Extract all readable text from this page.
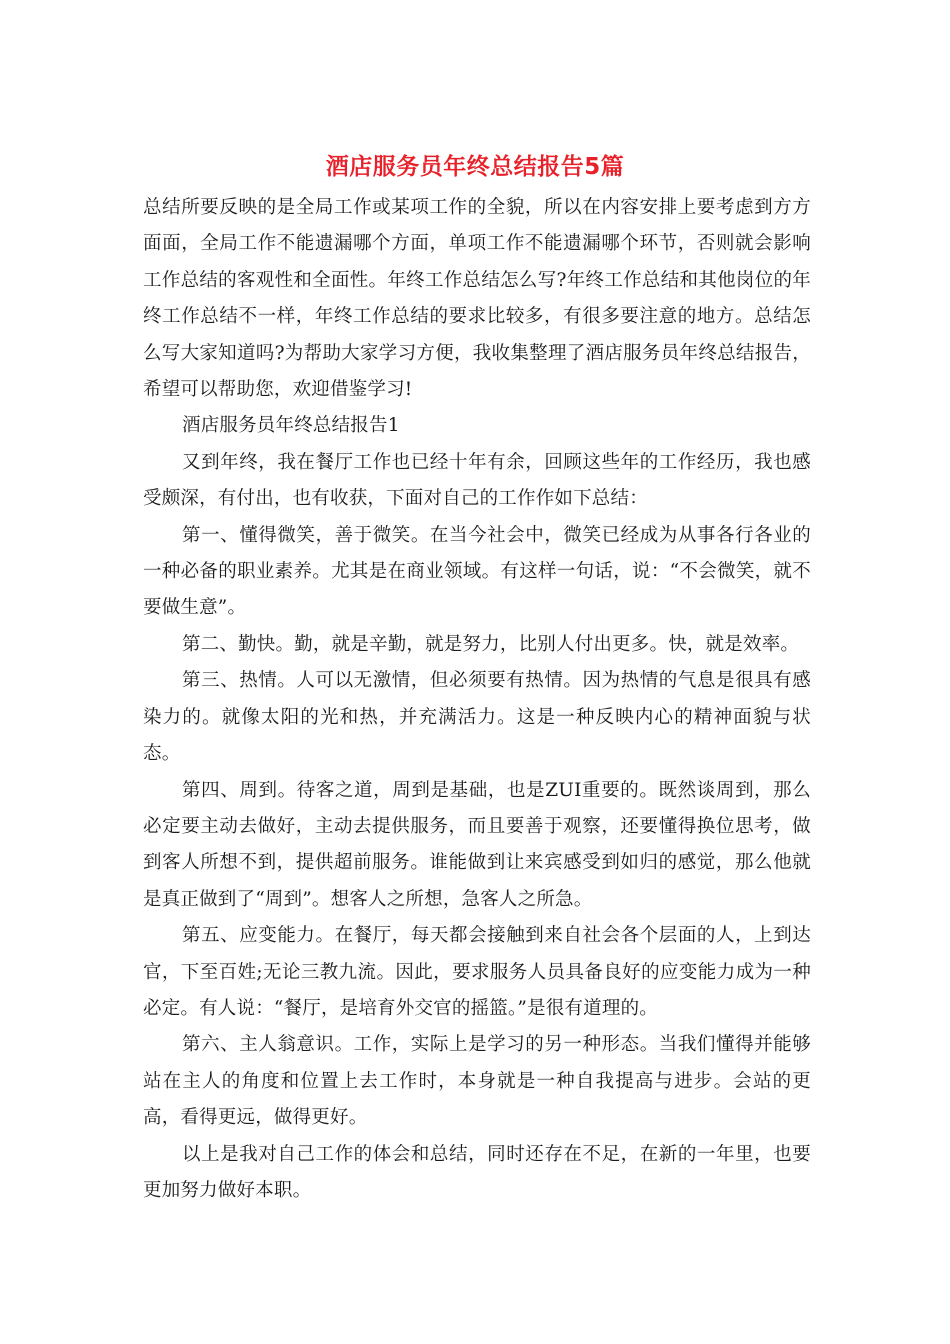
酒店服务员年终总结报告5篇

总结所要反映的是全局工作或某项工作的全貌，所以在内容安排上要考虑到方方面面，全局工作不能遗漏哪个方面，单项工作不能遗漏哪个环节，否则就会影响工作总结的客观性和全面性。年终工作总结怎么写?年终工作总结和其他岗位的年终工作总结不一样，年终工作总结的要求比较多，有很多要注意的地方。总结怎么写大家知道吗?为帮助大家学习方便，我收集整理了酒店服务员年终总结报告，希望可以帮助您，欢迎借鉴学习!

酒店服务员年终总结报告1

又到年终，我在餐厅工作也已经十年有余，回顾这些年的工作经历，我也感受颇深，有付出，也有收获，下面对自己的工作作如下总结：

第一、懂得微笑，善于微笑。在当今社会中，微笑已经成为从事各行各业的一种必备的职业素养。尤其是在商业领域。有这样一句话，说：“不会微笑，就不要做生意”。

第二、勤快。勤，就是辛勤，就是努力，比别人付出更多。快，就是效率。

第三、热情。人可以无激情，但必须要有热情。因为热情的气息是很具有感染力的。就像太阳的光和热，并充满活力。这是一种反映内心的精神面貌与状态。

第四、周到。待客之道，周到是基础，也是ZUI重要的。既然谈周到，那么必定要主动去做好，主动去提供服务，而且要善于观察，还要懂得换位思考，做到客人所想不到，提供超前服务。谁能做到让来宾感受到如归的感觉，那么他就是真正做到了“周到”。想客人之所想，急客人之所急。

第五、应变能力。在餐厅，每天都会接触到来自社会各个层面的人，上到达官，下至百姓;无论三教九流。因此，要求服务人员具备良好的应变能力成为一种必定。有人说：“餐厅，是培育外交官的摇篮。”是很有道理的。

第六、主人翁意识。工作，实际上是学习的另一种形态。当我们懂得并能够站在主人的角度和位置上去工作时，本身就是一种自我提高与进步。会站的更高，看得更远，做得更好。

以上是我对自己工作的体会和总结，同时还存在不足，在新的一年里，也要更加努力做好本职。
